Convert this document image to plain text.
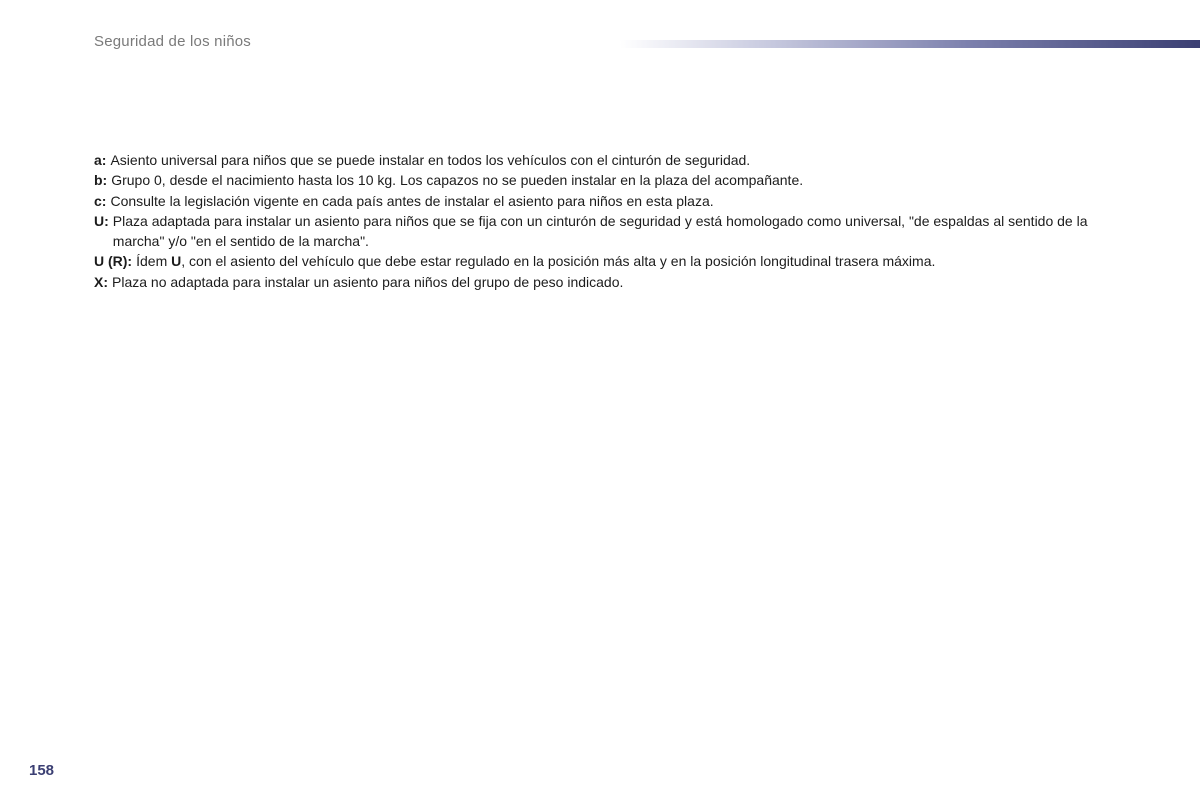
Seguridad de los niños
a: Asiento universal para niños que se puede instalar en todos los vehículos con el cinturón de seguridad.
b: Grupo 0, desde el nacimiento hasta los 10 kg. Los capazos no se pueden instalar en la plaza del acompañante.
c: Consulte la legislación vigente en cada país antes de instalar el asiento para niños en esta plaza.
U: Plaza adaptada para instalar un asiento para niños que se fija con un cinturón de seguridad y está homologado como universal, "de espaldas al sentido de la marcha" y/o "en el sentido de la marcha".
U (R): Ídem U, con el asiento del vehículo que debe estar regulado en la posición más alta y en la posición longitudinal trasera máxima.
X: Plaza no adaptada para instalar un asiento para niños del grupo de peso indicado.
158
